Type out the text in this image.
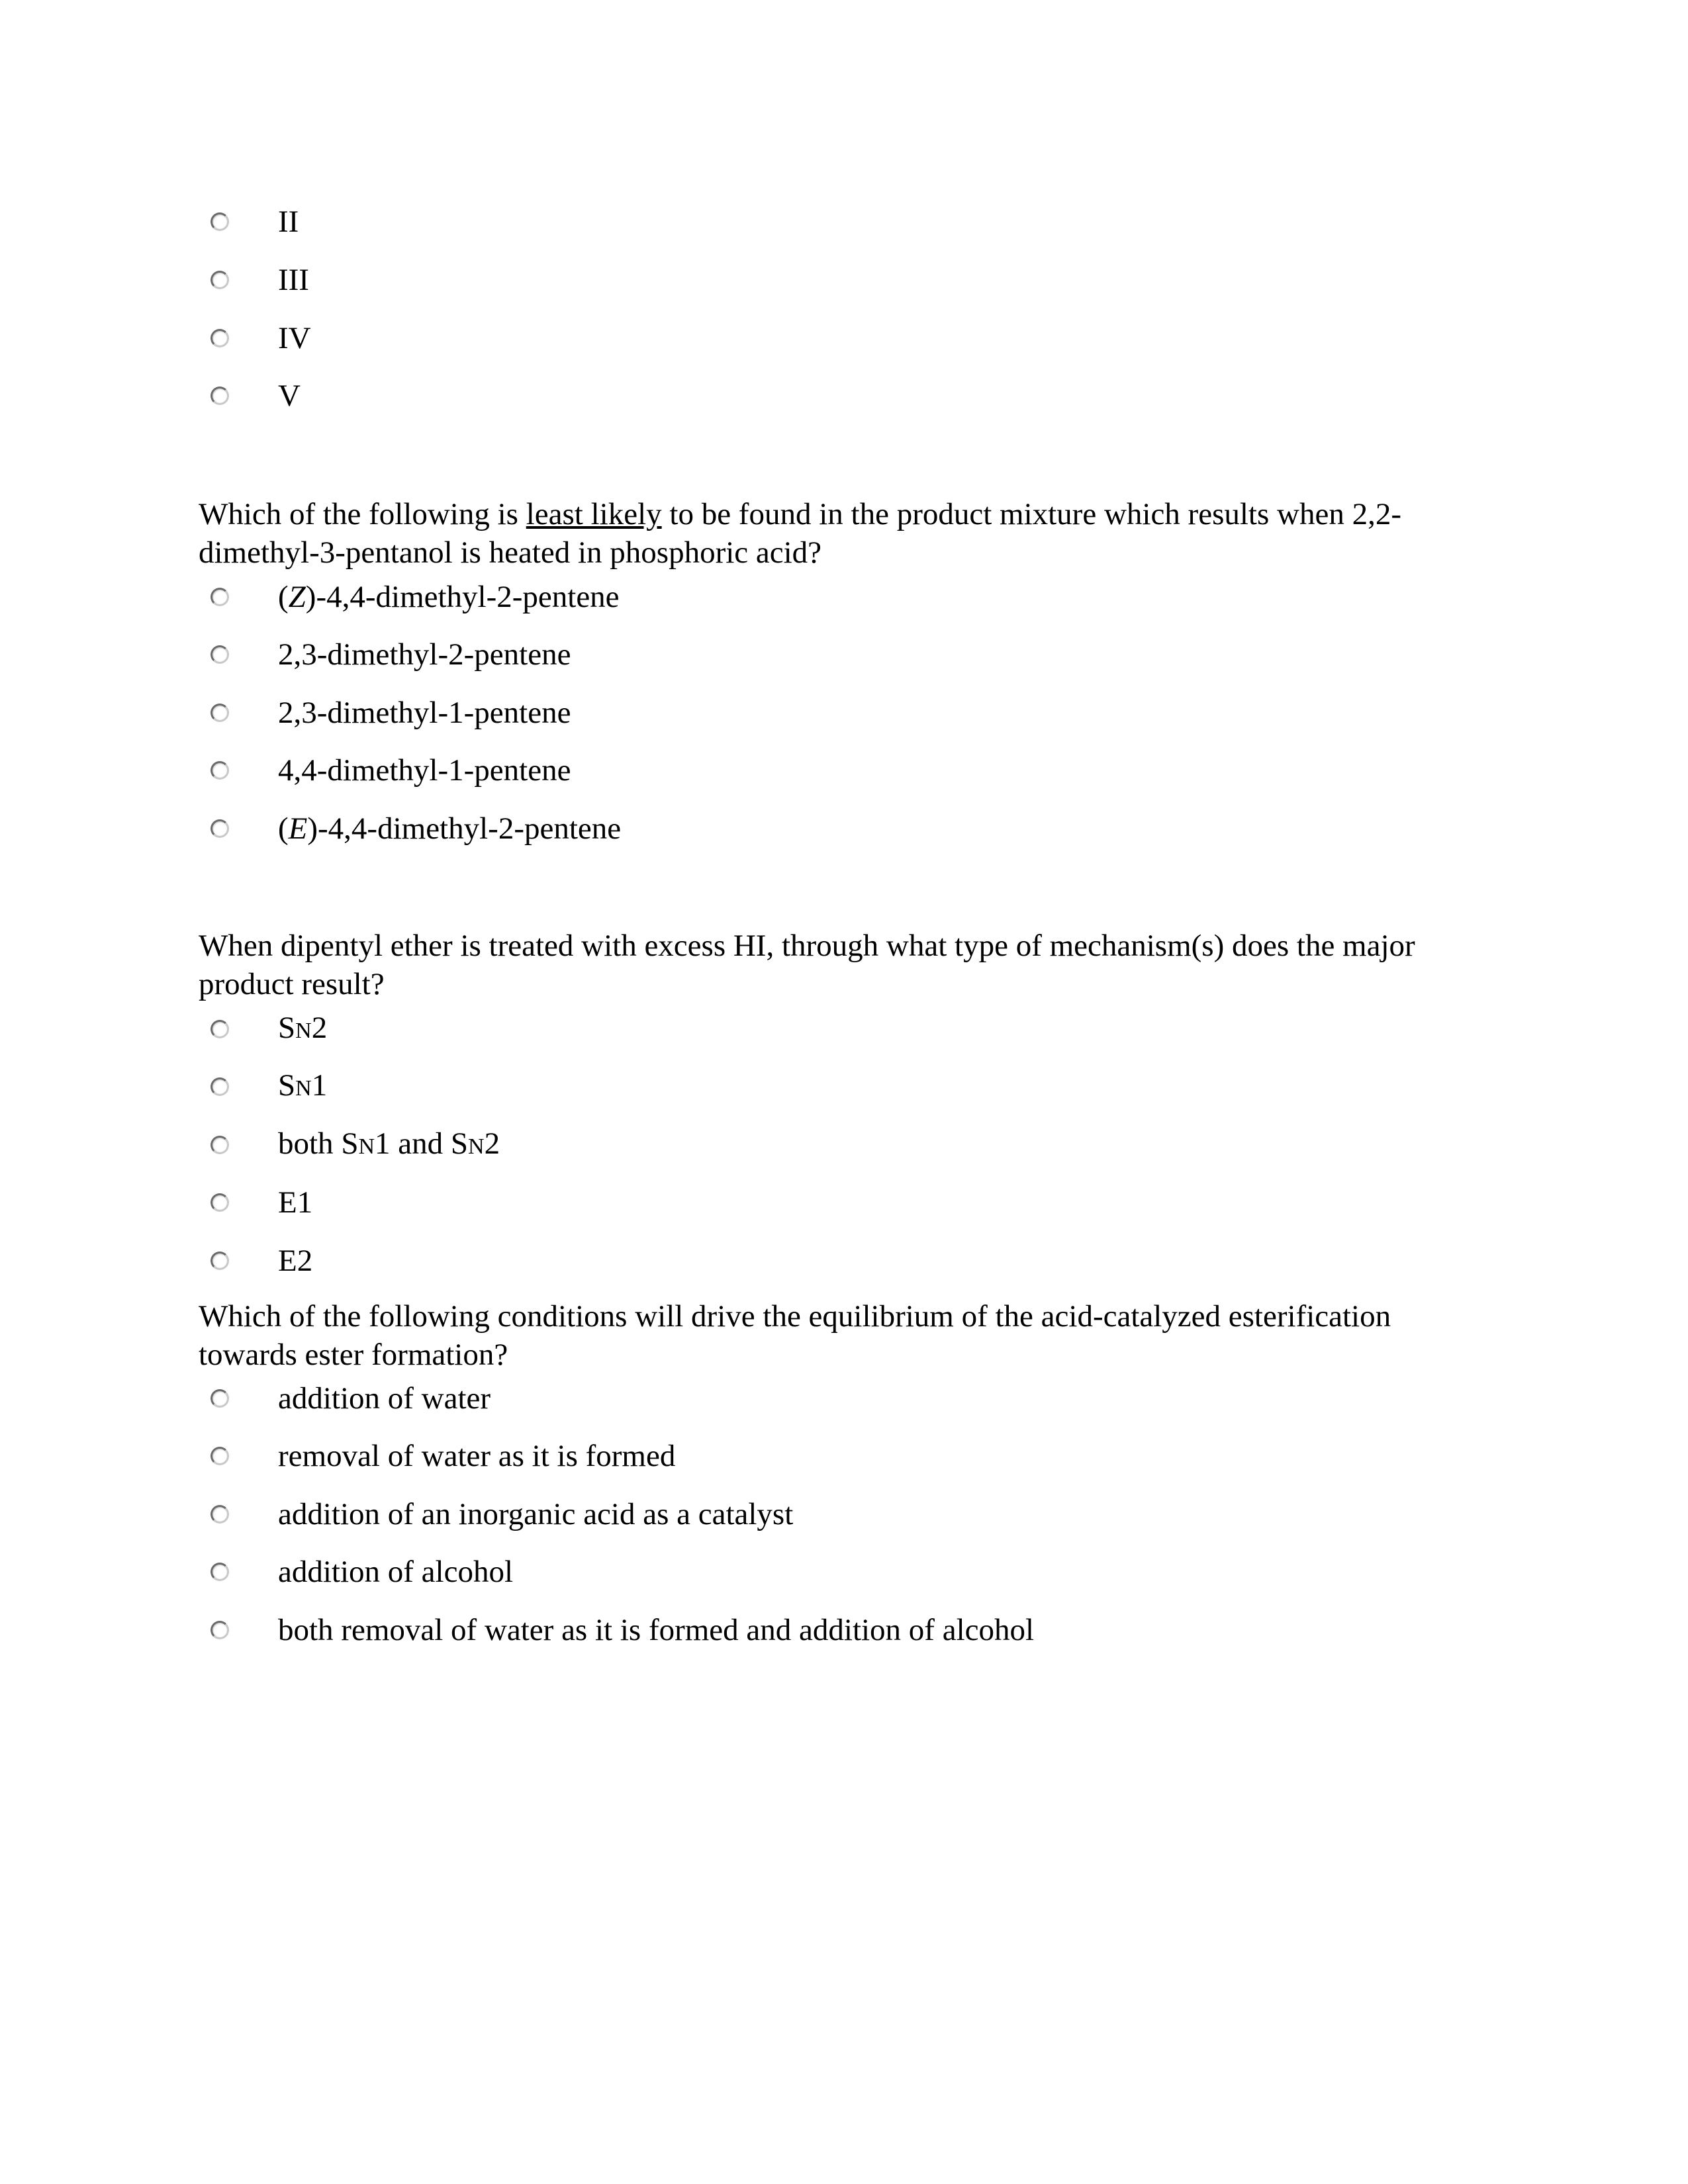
II
III
IV
V
Which of the following is least likely to be found in the product mixture which results when 2,2-dimethyl-3-pentanol is heated in phosphoric acid?
(Z)-4,4-dimethyl-2-pentene
2,3-dimethyl-2-pentene
2,3-dimethyl-1-pentene
4,4-dimethyl-1-pentene
(E)-4,4-dimethyl-2-pentene
When dipentyl ether is treated with excess HI, through what type of mechanism(s) does the major product result?
SN2
SN1
both SN1 and SN2
E1
E2
Which of the following conditions will drive the equilibrium of the acid-catalyzed esterification towards ester formation?
addition of water
removal of water as it is formed
addition of an inorganic acid as a catalyst
addition of alcohol
both removal of water as it is formed and addition of alcohol
